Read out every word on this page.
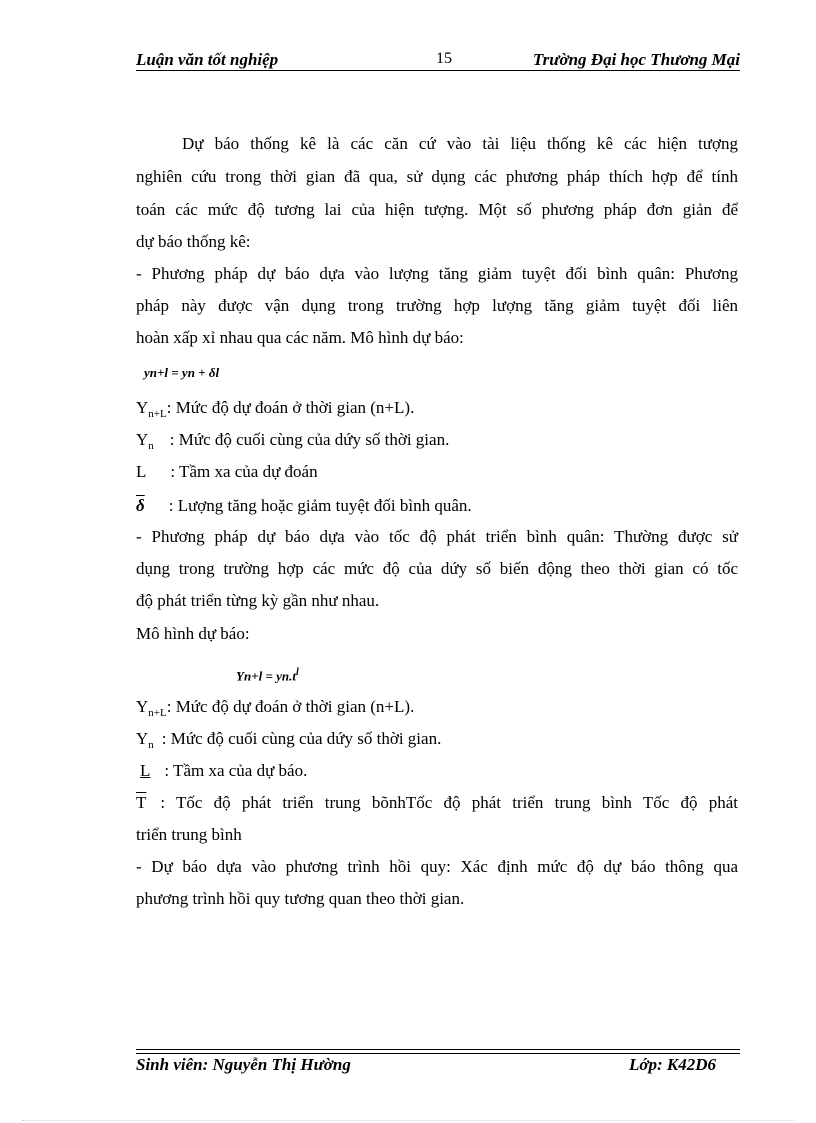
Luận văn tốt nghiệp	15	Trường Đại học Thương Mại
Dự báo thống kê là các căn cứ vào tài liệu thống kê các hiện tượng
nghiên cứu trong thời gian đã qua, sử dụng các phương pháp thích hợp để tính
toán các mức độ tương lai của hiện tượng. Một số phương pháp đơn giản để
dự báo thống kê:
- Phương pháp dự báo dựa vào lượng tăng giảm tuyệt đối bình quân: Phương
pháp này được vận dụng trong trường hợp lượng tăng giảm tuyệt đối liên
hoàn xấp xỉ nhau qua các năm. Mô hình dự báo:
yn+l = yn + δl
$Y_{n+L}$: Mức độ dự đoán ở thời gian (n+L).
$Y_n$ : Mức độ cuối cùng của dứy số thời gian.
L : Tầm xa của dự đoán
$\overline{\delta}$ : Lượng tăng hoặc giảm tuyệt đối bình quân.
- Phương pháp dự báo dựa vào tốc độ phát triển bình quân: Thường được sử
dụng trong trường hợp các mức độ của dứy số biến động theo thời gian có tốc
độ phát triển từng kỳ gần như nhau.
Mô hình dự báo:
$Yn+l = yn.t^l$
$Y_{n+L}$: Mức độ dự đoán ở thời gian (n+L).
$Y_n$ : Mức độ cuối cùng của dứy số thời gian.
L : Tầm xa của dự báo.
$\overline{T}$ : Tốc độ phát triển trung bõnhTốc độ phát triển trung bình Tốc độ phát
triển trung bình
- Dự báo dựa vào phương trình hồi quy: Xác định mức độ dự báo thông qua
phương trình hồi quy tương quan theo thời gian.
Sinh viên: Nguyễn Thị Hường	Lớp: K42D6
